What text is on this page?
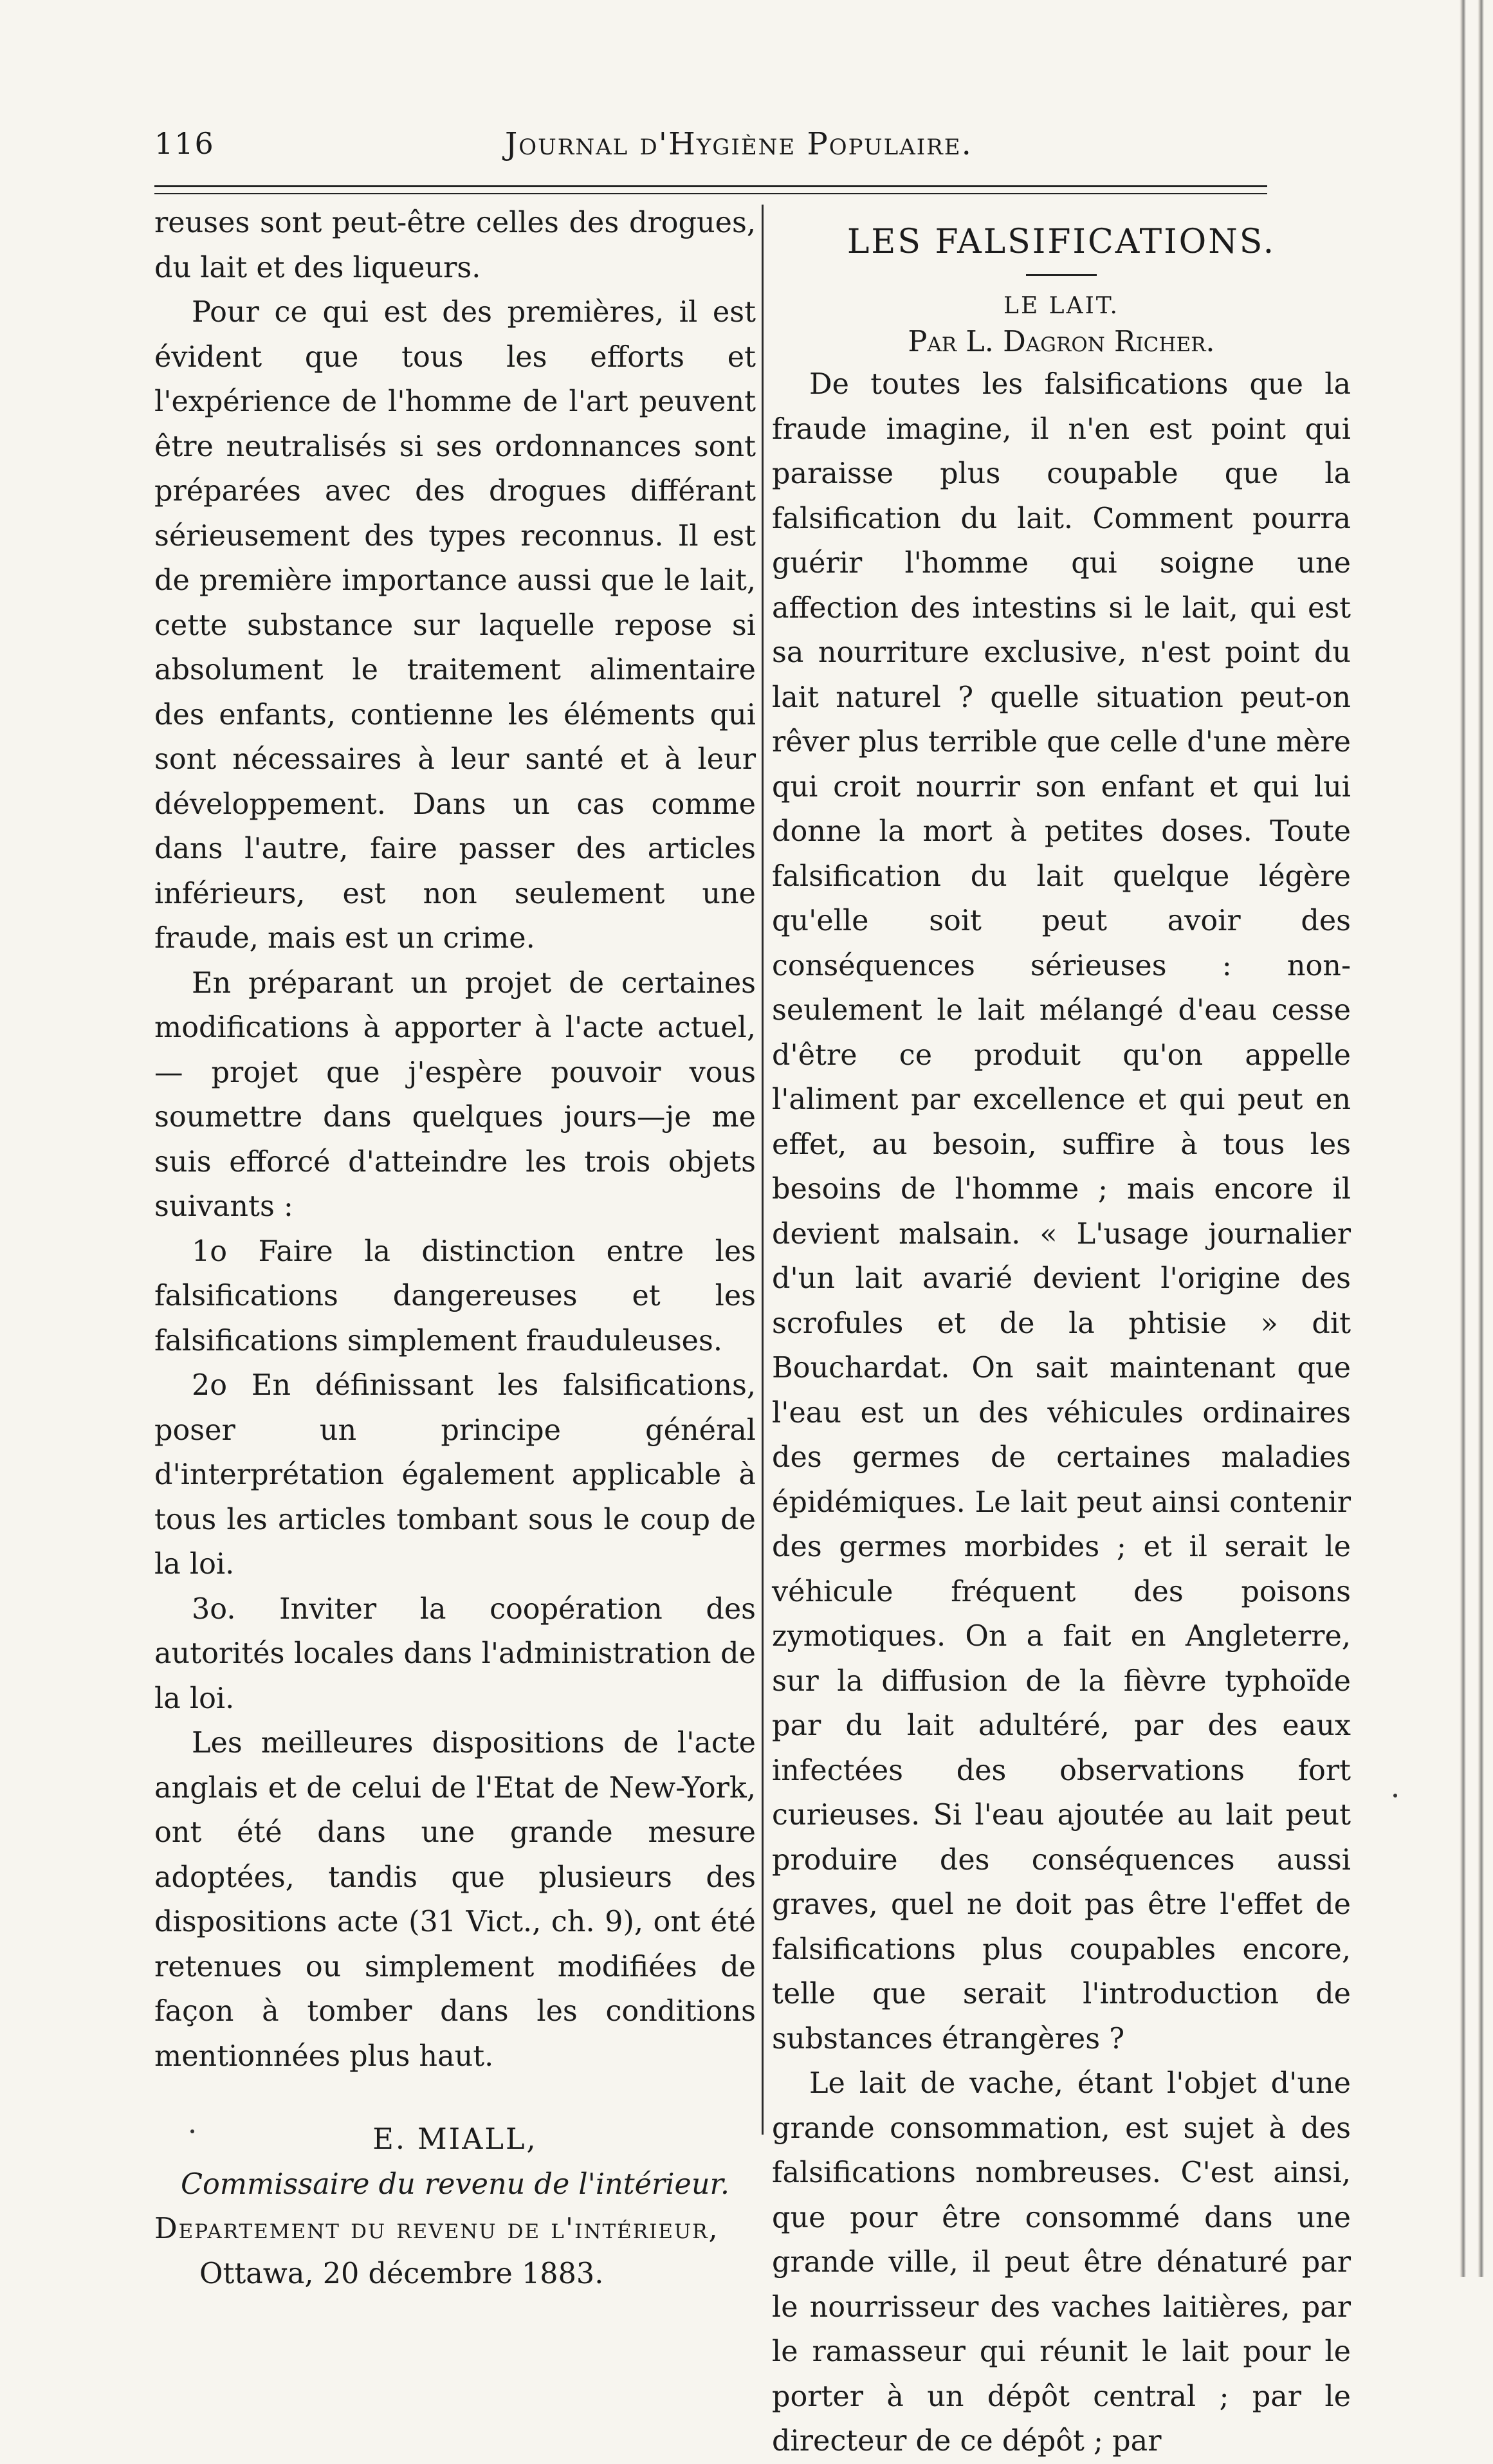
116	Journal d'Hygiène Populaire.

reuses sont peut-être celles des drogues, du lait et des liqueurs.

Pour ce qui est des premières, il est évident que tous les efforts et l'expérience de l'homme de l'art peuvent être neutralisés si ses ordonnances sont préparées avec des drogues différant sérieusement des types reconnus. Il est de première importance aussi que le lait, cette substance sur laquelle repose si absolument le traitement alimentaire des enfants, contienne les éléments qui sont nécessaires à leur santé et à leur développement. Dans un cas comme dans l'autre, faire passer des articles inférieurs, est non seulement une fraude, mais est un crime.

En préparant un projet de certaines modifications à apporter à l'acte actuel, — projet que j'espère pouvoir vous soumettre dans quelques jours—je me suis efforcé d'atteindre les trois objets suivants :

1o Faire la distinction entre les falsifications dangereuses et les falsifications simplement frauduleuses.

2o En définissant les falsifications, poser un principe général d'interprétation également applicable à tous les articles tombant sous le coup de la loi.

3o. Inviter la coopération des autorités locales dans l'administration de la loi.

Les meilleures dispositions de l'acte anglais et de celui de l'Etat de New-York, ont été dans une grande mesure adoptées, tandis que plusieurs des dispositions acte (31 Vict., ch. 9), ont été retenues ou simplement modifiées de façon à tomber dans les conditions mentionnées plus haut.

E. MIALL,

Commissaire du revenu de l'intérieur.

Departement du revenu de l'intérieur,

Ottawa, 20 décembre 1883.

LES FALSIFICATIONS.

LE LAIT.

Par L. Dagron Richer.

De toutes les falsifications que la fraude imagine, il n'en est point qui paraisse plus coupable que la falsification du lait. Comment pourra guérir l'homme qui soigne une affection des intestins si le lait, qui est sa nourriture exclusive, n'est point du lait naturel ? quelle situation peut-on rêver plus terrible que celle d'une mère qui croit nourrir son enfant et qui lui donne la mort à petites doses. Toute falsification du lait quelque légère qu'elle soit peut avoir des conséquences sérieuses : non-seulement le lait mélangé d'eau cesse d'être ce produit qu'on appelle l'aliment par excellence et qui peut en effet, au besoin, suffire à tous les besoins de l'homme ; mais encore il devient malsain. « L'usage journalier d'un lait avarié devient l'origine des scrofules et de la phtisie » dit Bouchardat. On sait maintenant que l'eau est un des véhicules ordinaires des germes de certaines maladies épidémiques. Le lait peut ainsi contenir des germes morbides ; et il serait le véhicule fréquent des poisons zymotiques. On a fait en Angleterre, sur la diffusion de la fièvre typhoïde par du lait adultéré, par des eaux infectées des observations fort curieuses. Si l'eau ajoutée au lait peut produire des conséquences aussi graves, quel ne doit pas être l'effet de falsifications plus coupables encore, telle que serait l'introduction de substances étrangères ?

Le lait de vache, étant l'objet d'une grande consommation, est sujet à des falsifications nombreuses. C'est ainsi, que pour être consommé dans une grande ville, il peut être dénaturé par le nourrisseur des vaches laitières, par le ramasseur qui réunit le lait pour le porter à un dépôt central ; par le directeur de ce dépôt ; par
